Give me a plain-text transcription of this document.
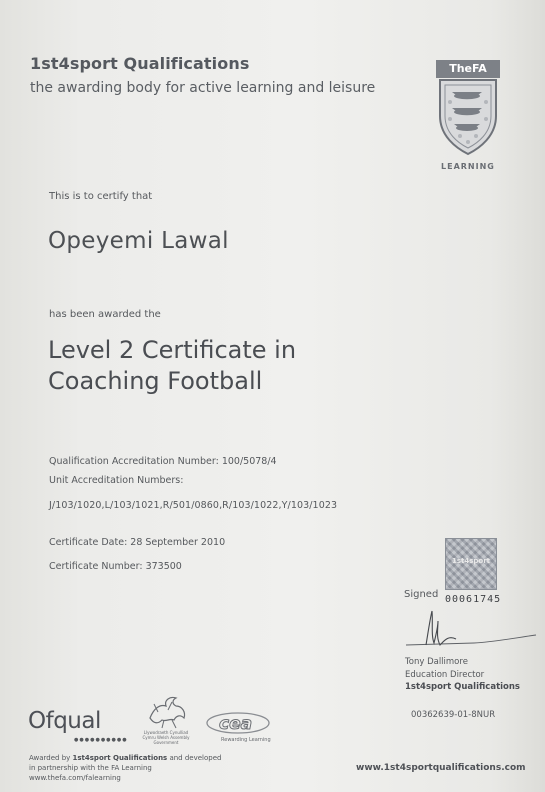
1st4sport Qualifications
the awarding body for active learning and leisure
TheFA
LEARNING
This is to certify that
Opeyemi Lawal
has been awarded the
Level 2 Certificate in
Coaching Football
Qualification Accreditation Number: 100/5078/4
Unit Accreditation Numbers:
J/103/1020,L/103/1021,R/501/0860,R/103/1022,Y/103/1023
Certificate Date: 28 September 2010
Certificate Number: 373500	1st4sport
Signed 00061745
Tony Dallimore
Education Director
1st4sport Qualifications
00362639-01-8NUR
Ofqual
●●●●●●●●●●
Llywodraeth Cynulliad Cymru Welsh Assembly Government
cea
Rewarding Learning
Awarded by 1st4sport Qualifications and developed
in partnership with the FA Learning
www.thefa.com/falearning
www.1st4sportqualifications.com
